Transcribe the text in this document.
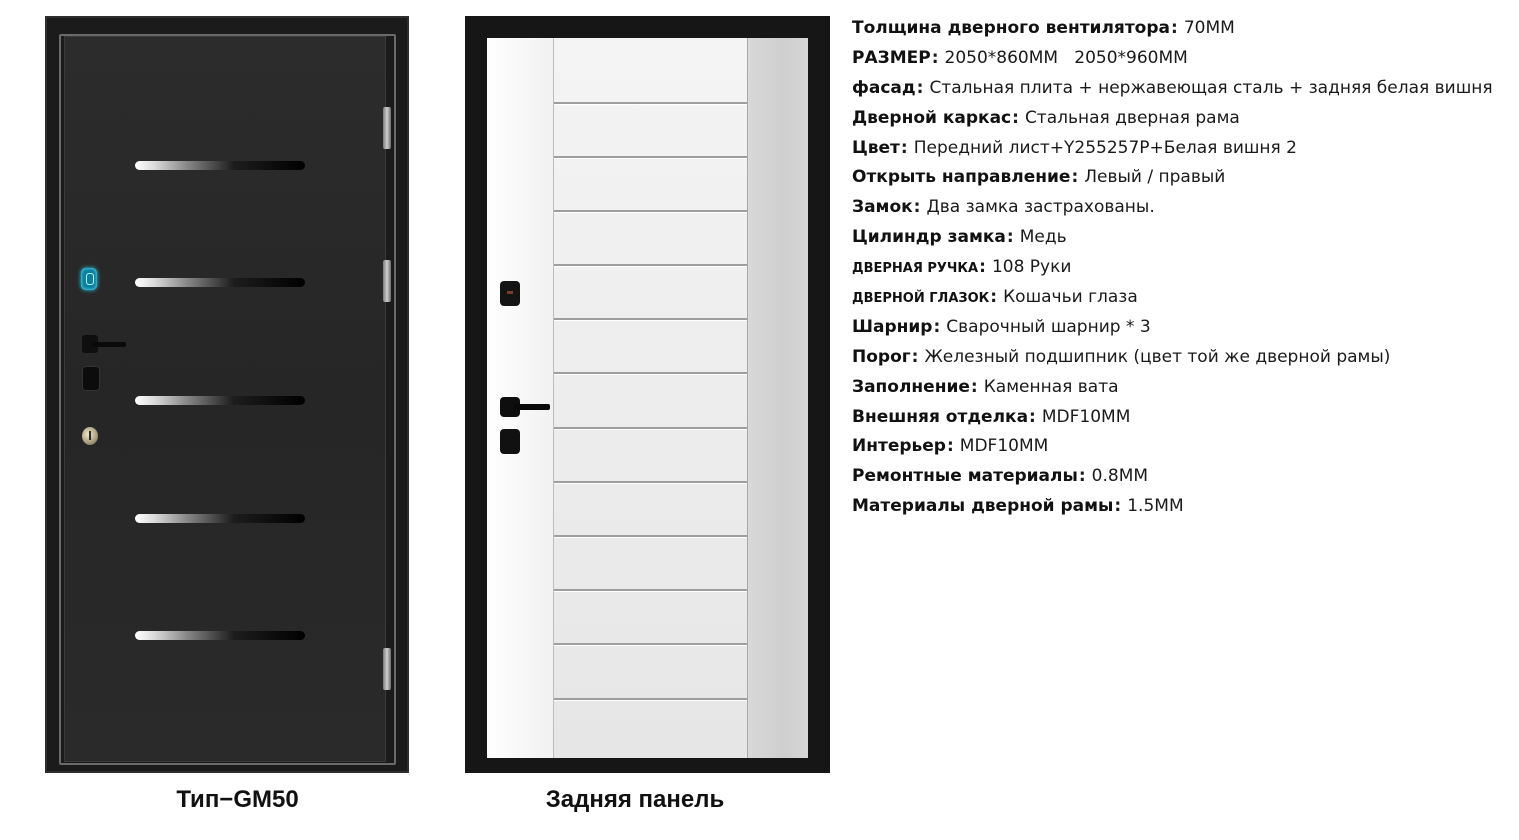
Тип−GM50	Задняя панель
Толщина дверного вентилятора: 70MM
РАЗМЕР: 2050*860MM   2050*960MM
фасад: Стальная плита + нержавеющая сталь + задняя белая вишня
Дверной каркас: Стальная дверная рама
Цвет: Передний лист+Y255257P+Белая вишня 2
Открыть направление: Левый / правый
Замок: Два замка застрахованы.
Цилиндр замка: Медь
ДВЕРНАЯ РУЧКА: 108 Руки
ДВЕРНОЙ ГЛАЗОК: Кошачьи глаза
Шарнир: Сварочный шарнир * 3
Порог: Железный подшипник (цвет той же дверной рамы)
Заполнение: Каменная вата
Внешняя отделка: MDF10MM
Интерьер: MDF10MM
Ремонтные материалы: 0.8MM
Материалы дверной рамы: 1.5MM
